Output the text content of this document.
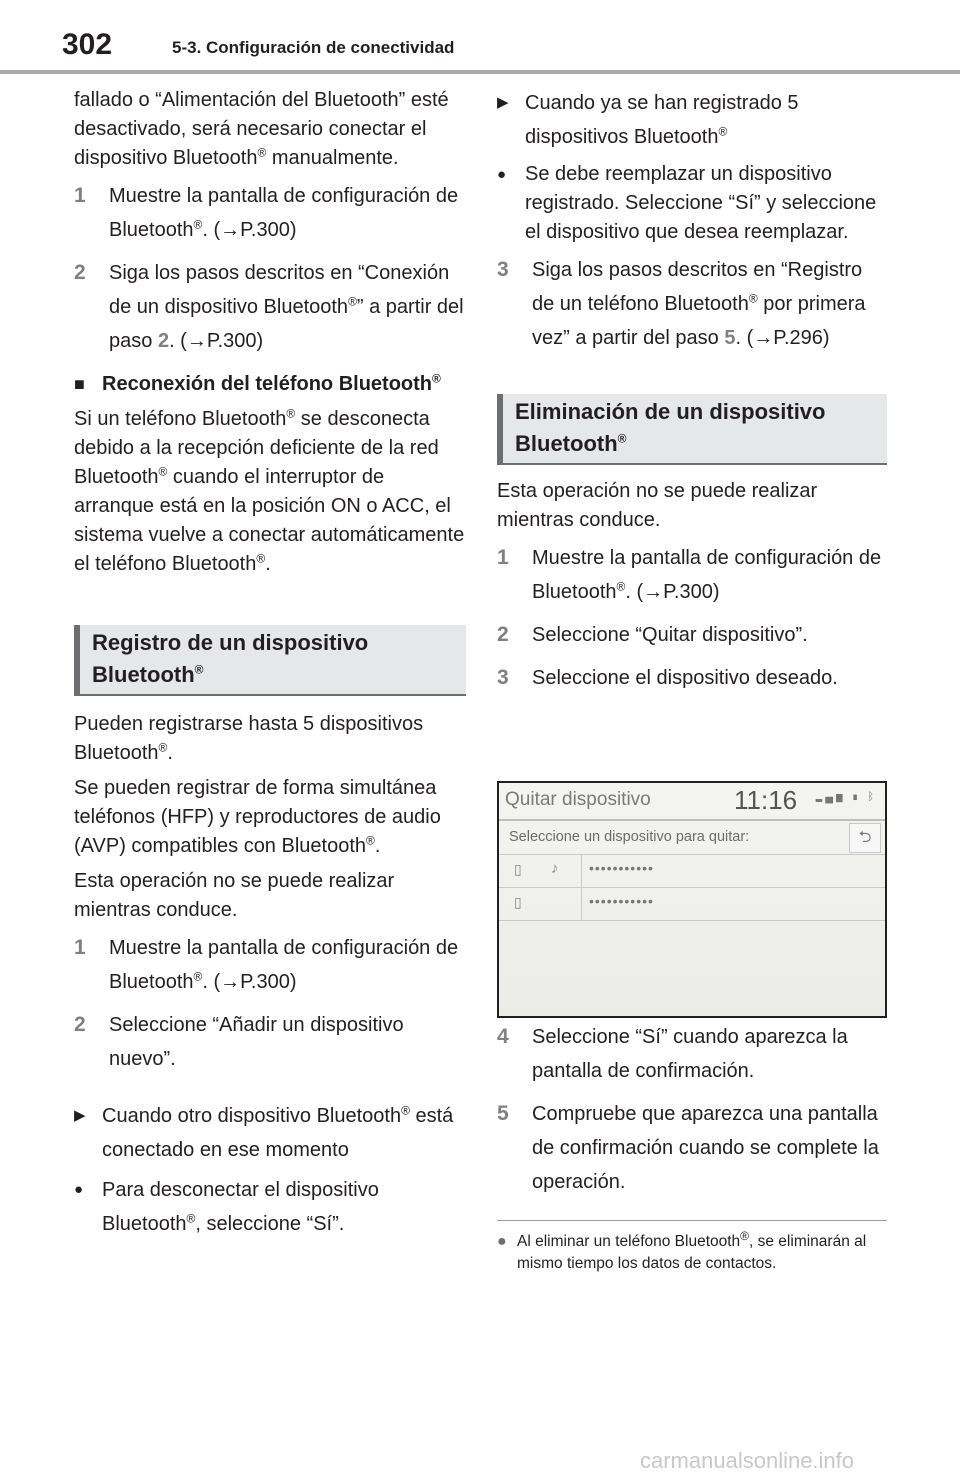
302	5-3. Configuración de conectividad

fallado o “Alimentación del Bluetooth” esté desactivado, será necesario conectar el dispositivo Bluetooth® manualmente.

1	Muestre la pantalla de configuración de Bluetooth®. (→P.300)
2	Siga los pasos descritos en “Conexión de un dispositivo Bluetooth®” a partir del paso 2. (→P.300)
■ Reconexión del teléfono Bluetooth®

Si un teléfono Bluetooth® se desconecta debido a la recepción deficiente de la red Bluetooth® cuando el interruptor de arranque está en la posición ON o ACC, el sistema vuelve a conectar automáticamente el teléfono Bluetooth®.

Registro de un dispositivo
Bluetooth®

Pueden registrarse hasta 5 dispositivos Bluetooth®.

Se pueden registrar de forma simultánea teléfonos (HFP) y reproductores de audio (AVP) compatibles con Bluetooth®.

Esta operación no se puede realizar mientras conduce.

1	Muestre la pantalla de configuración de Bluetooth®. (→P.300)
2	Seleccione “Añadir un dispositivo nuevo”.
▶ Cuando otro dispositivo Bluetooth® está conectado en ese momento
● Para desconectar el dispositivo Bluetooth®, seleccione “Sí”.
▶ Cuando ya se han registrado 5 dispositivos Bluetooth®
● Se debe reemplazar un dispositivo registrado. Seleccione “Sí” y seleccione el dispositivo que desea reemplazar.
3	Siga los pasos descritos en “Registro de un teléfono Bluetooth® por primera vez” a partir del paso 5. (→P.296)
Eliminación de un dispositivo
Bluetooth®

Esta operación no se puede realizar mientras conduce.

1	Muestre la pantalla de configuración de Bluetooth®. (→P.300)
2	Seleccione “Quitar dispositivo”.
3	Seleccione el dispositivo deseado.
Quitar dispositivo	11:16 ▂▄▆ ▮ ᛒ
Seleccione un dispositivo para quitar:	⮌
▯ ♪ •••••••••••
▯	•••••••••••
4	Seleccione “Sí” cuando aparezca la pantalla de confirmación.
5	Compruebe que aparezca una pantalla de confirmación cuando se complete la operación.
● Al eliminar un teléfono Bluetooth®, se eliminarán al mismo tiempo los datos de contactos.
carmanualsonline.info
